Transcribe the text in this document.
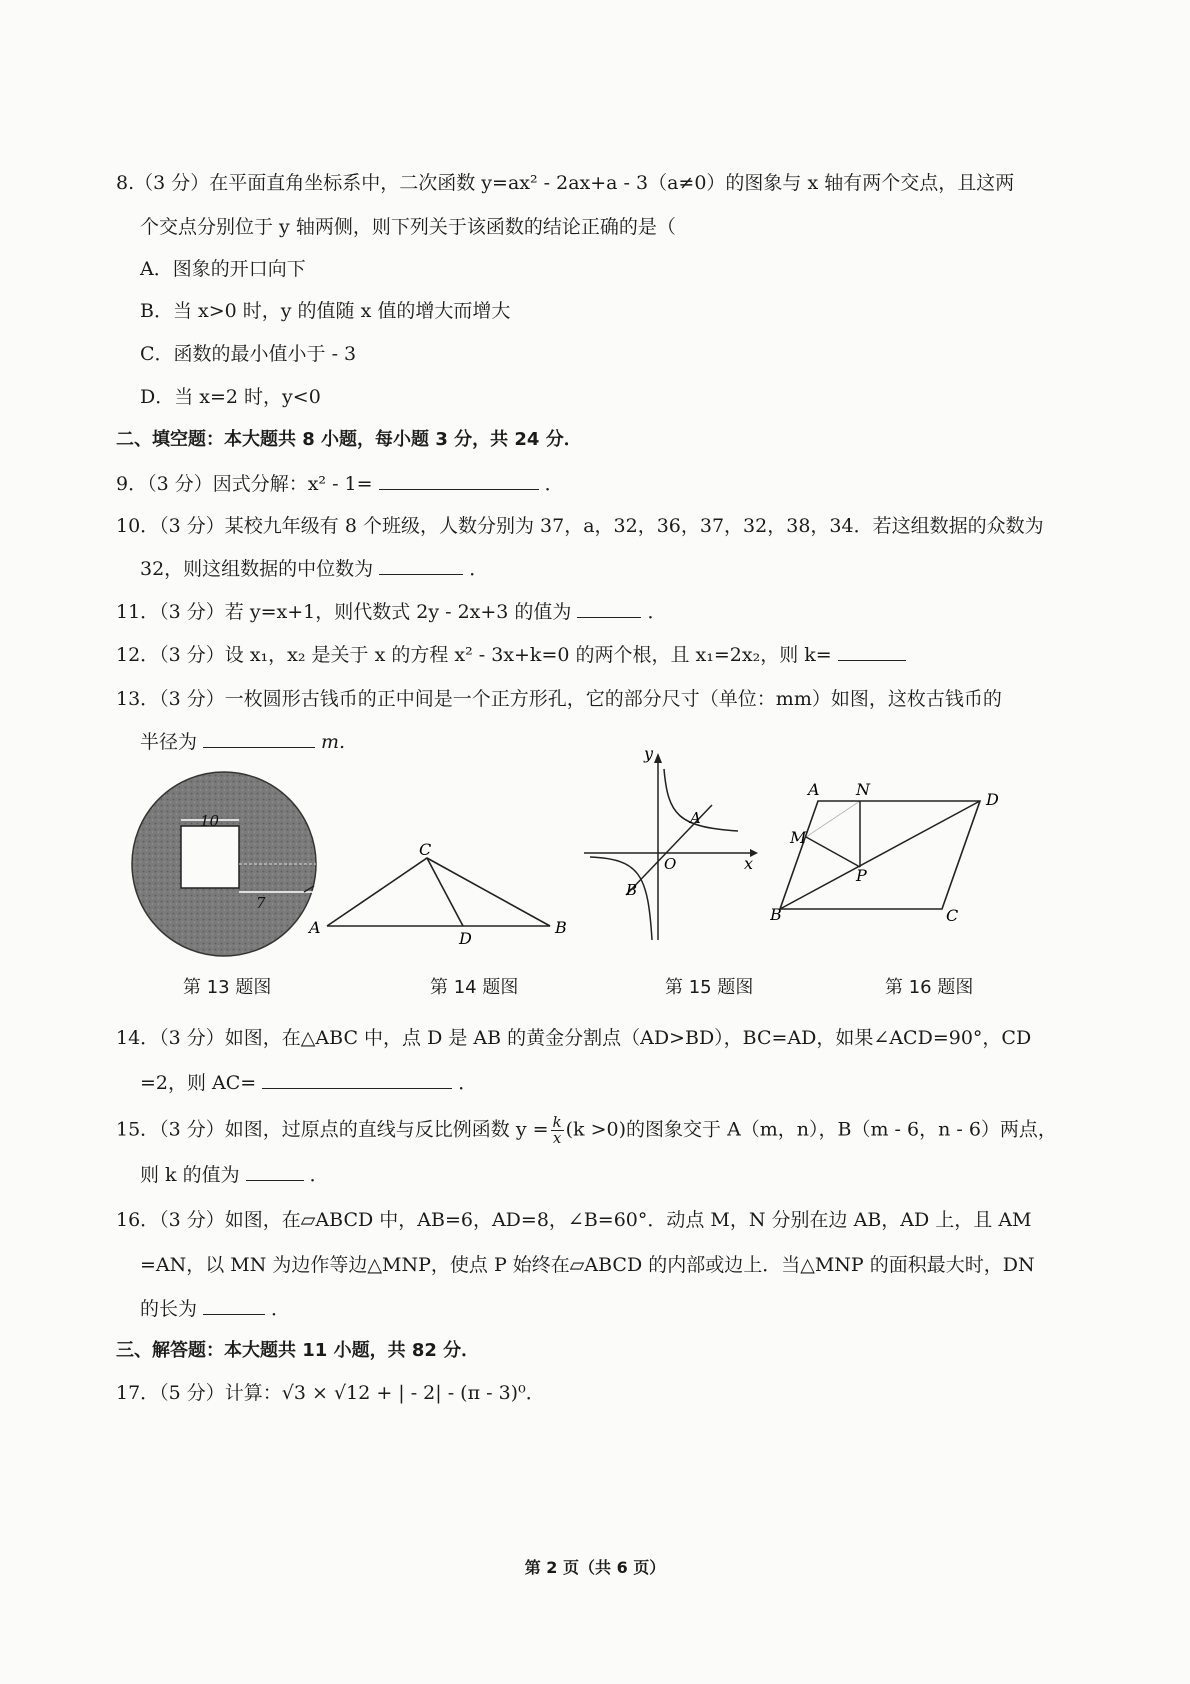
8.（3 分）在平面直角坐标系中，二次函数 y=ax² - 2ax+a - 3（a≠0）的图象与 x 轴有两个交点，且这两
个交点分别位于 y 轴两侧，则下列关于该函数的结论正确的是（
A．图象的开口向下
B．当 x>0 时，y 的值随 x 值的增大而增大
C．函数的最小值小于 - 3
D．当 x=2 时，y<0
二、填空题：本大题共 8 小题，每小题 3 分，共 24 分．
9．（3 分）因式分解：x² - 1=	．
10．（3 分）某校九年级有 8 个班级，人数分别为 37，a，32，36，37，32，38，34．若这组数据的众数为
32，则这组数据的中位数为	．
11．（3 分）若 y=x+1，则代数式 2y - 2x+3 的值为	．
12．（3 分）设 x₁，x₂ 是关于 x 的方程 x² - 3x+k=0 的两个根，且 x₁=2x₂，则 k=
13．（3 分）一枚圆形古钱币的正中间是一个正方形孔，它的部分尺寸（单位：mm）如图，这枚古钱币的
半径为	m.
10
7
C
A
D
B
y
A
O	x
B
A N
D
M
P
B	C
第 13 题图	第 14 题图	第 15 题图	第 16 题图
14．（3 分）如图，在△ABC 中，点 D 是 AB 的黄金分割点（AD>BD），BC=AD，如果∠ACD=90°，CD
=2，则 AC=	．
15．（3 分）如图，过原点的直线与反比例函数 $y = \frac{k}{x} (k >0)$的图象交于 A（m，n），B（m - 6，n - 6）两点，
则 k 的值为	．
16．（3 分）如图，在▱ABCD 中，AB=6，AD=8，∠B=60°．动点 M，N 分别在边 AB，AD 上，且 AM
=AN，以 MN 为边作等边△MNP，使点 P 始终在▱ABCD 的内部或边上．当△MNP 的面积最大时，DN
的长为	．
三、解答题：本大题共 11 小题，共 82 分．
17．（5 分）计算：√3 × √12 + | - 2| - (π - 3)⁰．
第 2 页（共 6 页）
